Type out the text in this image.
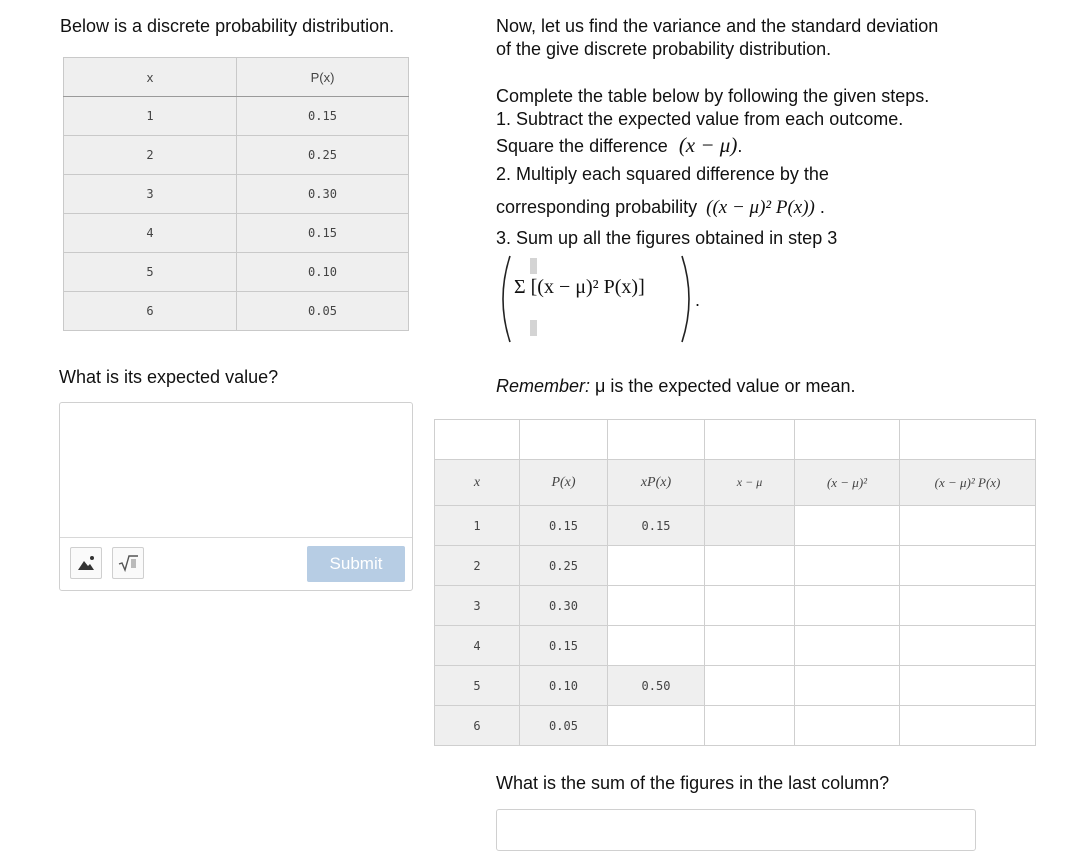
Below is a discrete probability distribution.
x	P(x)
1	0.15
2	0.25
3	0.30
4	0.15
5	0.10
6	0.05
What is its expected value?
Submit
Now, let us find the variance and the standard deviation
of the give discrete probability distribution.
Complete the table below by following the given steps.
1. Subtract the expected value from each outcome.
Square the difference (x − μ).
2. Multiply each squared difference by the
corresponding probability ((x − μ)² P(x)) .
3. Sum up all the figures obtained in step 3
Σ [(x − μ)² P(x)]
.
Remember: μ is the expected value or mean.

x	P(x)	xP(x)	x − μ	(x − μ)²	(x − μ)² P(x)
1	0.15	0.15			
2	0.25				
3	0.30				
4	0.15				
5	0.10	0.50			
6	0.05				
What is the sum of the figures in the last column?
